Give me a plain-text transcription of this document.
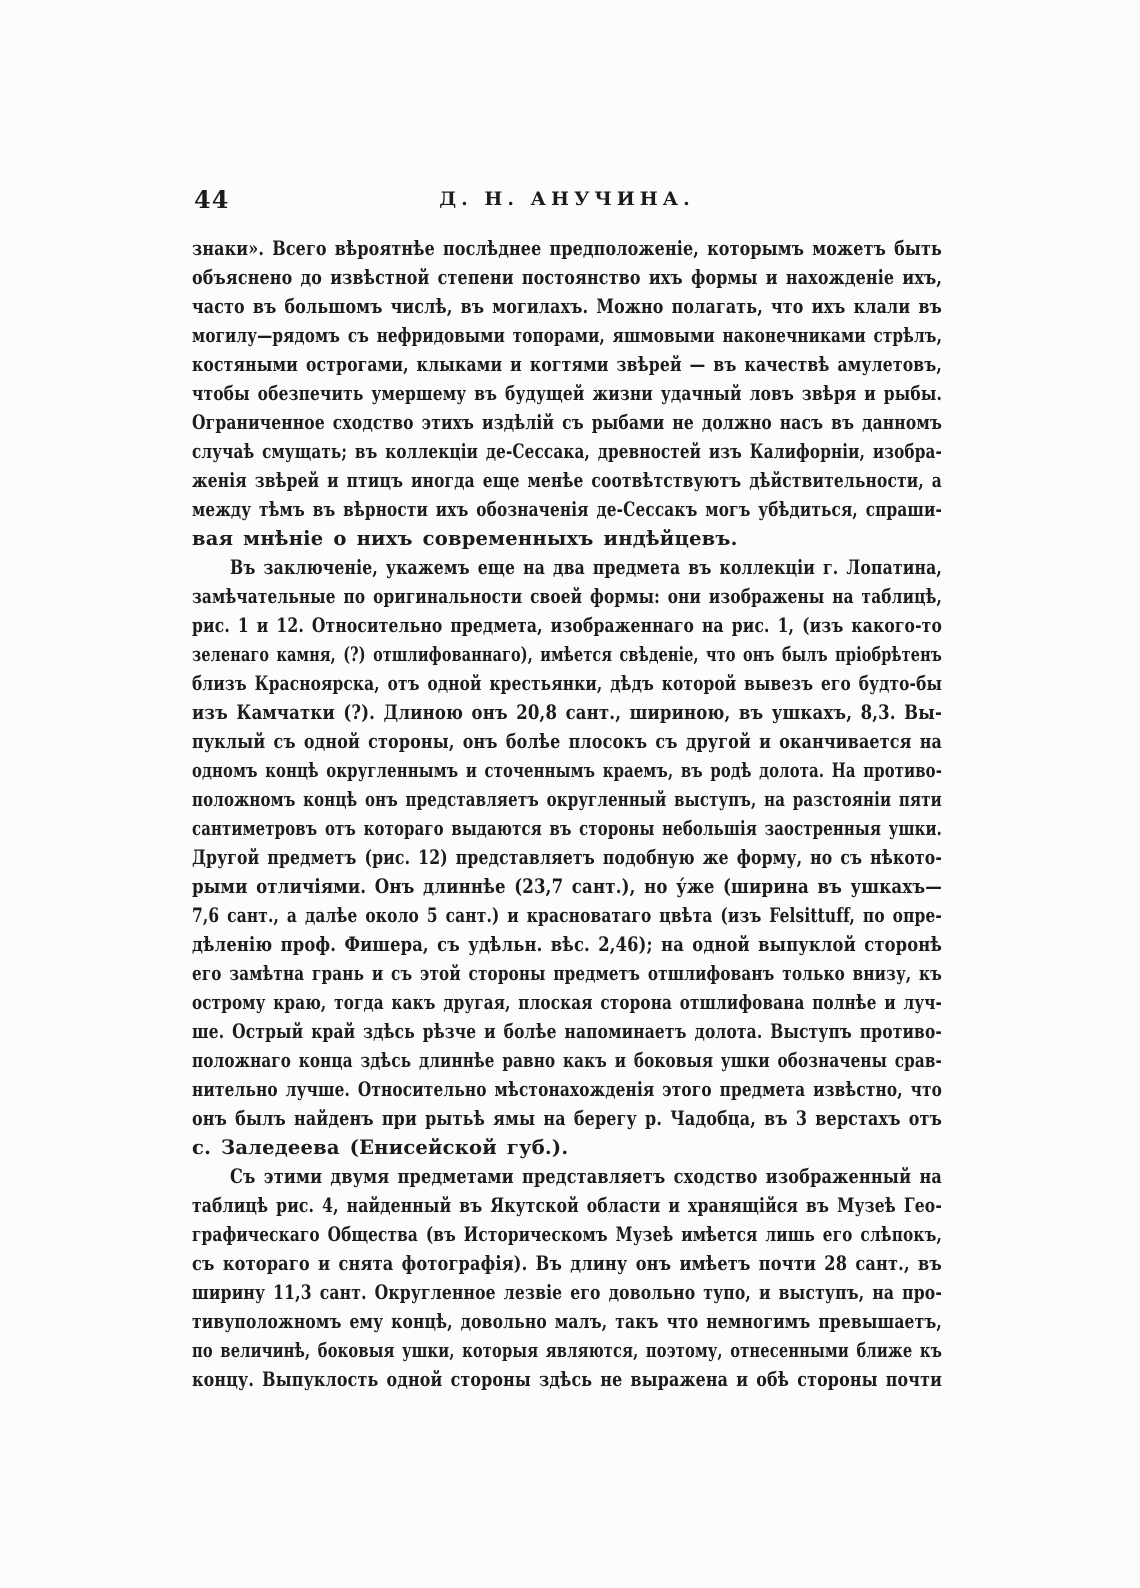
44	Д. Н. АНУЧИНА.
знаки». Всего вѣроятнѣе послѣднее предположеніе, которымъ можетъ быть
объяснено до извѣстной степени постоянство ихъ формы и нахожденіе ихъ,
часто въ большомъ числѣ, въ могилахъ. Можно полагать, что ихъ клали въ
могилу—рядомъ съ нефридовыми топорами, яшмовыми наконечниками стрѣлъ,
костяными острогами, клыками и когтями звѣрей — въ качествѣ амулетовъ,
чтобы обезпечить умершему въ будущей жизни удачный ловъ звѣря и рыбы.
Ограниченное сходство этихъ издѣлій съ рыбами не должно насъ въ данномъ
случаѣ смущать; въ коллекціи де-Сессака, древностей изъ Калифорніи, изобра-
женія звѣрей и птицъ иногда еще менѣе соотвѣтствуютъ дѣйствительности, а
между тѣмъ въ вѣрности ихъ обозначенія де-Сессакъ могъ убѣдиться, спраши-
вая мнѣніе о нихъ современныхъ индѣйцевъ.
Въ заключеніе, укажемъ еще на два предмета въ коллекціи г. Лопатина,
замѣчательные по оригинальности своей формы: они изображены на таблицѣ,
рис. 1 и 12. Относительно предмета, изображеннаго на рис. 1, (изъ какого-то
зеленаго камня, (?) отшлифованнаго), имѣется свѣденіе, что онъ былъ пріобрѣтенъ
близъ Красноярска, отъ одной крестьянки, дѣдъ которой вывезъ его будто-бы
изъ Камчатки (?). Длиною онъ 20,8 сант., шириною, въ ушкахъ, 8,3. Вы-
пуклый съ одной стороны, онъ болѣе плосокъ съ другой и оканчивается на
одномъ концѣ округленнымъ и сточеннымъ краемъ, въ родѣ долота. На противо-
положномъ концѣ онъ представляетъ округленный выступъ, на разстояніи пяти
сантиметровъ отъ котораго выдаются въ стороны небольшія заостренныя ушки.
Другой предметъ (рис. 12) представляетъ подобную же форму, но съ нѣкото-
рыми отличіями. Онъ длиннѣе (23,7 сант.), но у́же (ширина въ ушкахъ—
7,6 сант., а далѣе около 5 сант.) и красноватаго цвѣта (изъ Felsittuff, по опре-
дѣленію проф. Фишера, съ удѣльн. вѣс. 2,46); на одной выпуклой сторонѣ
его замѣтна грань и съ этой стороны предметъ отшлифованъ только внизу, къ
острому краю, тогда какъ другая, плоская сторона отшлифована полнѣе и луч-
ше. Острый край здѣсь рѣзче и болѣе напоминаетъ долота. Выступъ противо-
положнаго конца здѣсь длиннѣе равно какъ и боковыя ушки обозначены срав-
нительно лучше. Относительно мѣстонахожденія этого предмета извѣстно, что
онъ былъ найденъ при рытьѣ ямы на берегу р. Чадобца, въ 3 верстахъ отъ
с. Заледеева (Енисейской губ.).
Съ этими двумя предметами представляетъ сходство изображенный на
таблицѣ рис. 4, найденный въ Якутской области и хранящійся въ Музеѣ Гео-
графическаго Общества (въ Историческомъ Музеѣ имѣется лишь его слѣпокъ,
съ котораго и снята фотографія). Въ длину онъ имѣетъ почти 28 сант., въ
ширину 11,3 сант. Округленное лезвіе его довольно тупо, и выступъ, на про-
тивуположномъ ему концѣ, довольно малъ, такъ что немногимъ превышаетъ,
по величинѣ, боковыя ушки, которыя являются, поэтому, отнесенными ближе къ
концу. Выпуклость одной стороны здѣсь не выражена и обѣ стороны почти
